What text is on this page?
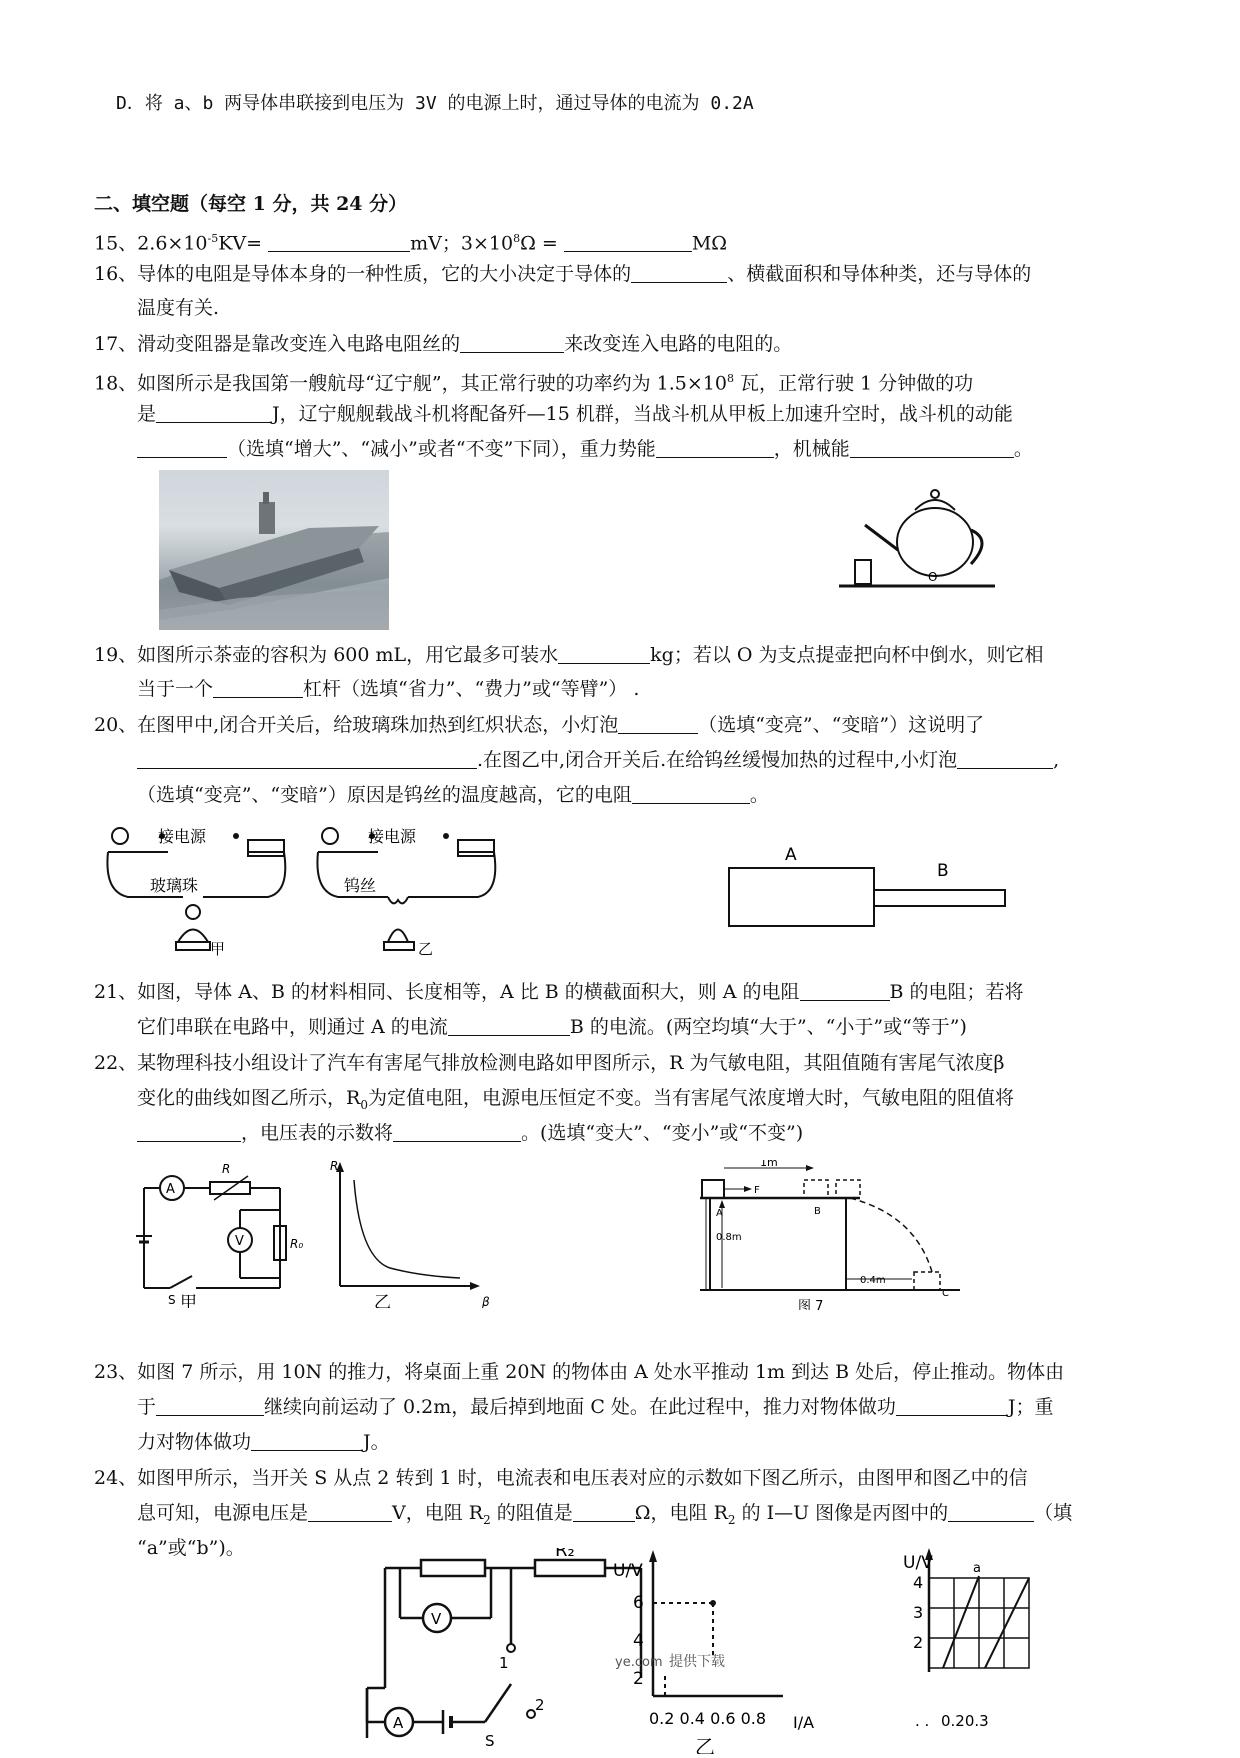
D．将 a、b 两导体串联接到电压为 3V 的电源上时，通过导体的电流为 0.2A
二、填空题（每空 1 分，共 24 分）
15、$2.6\times 10^{-5}KV=$	mV；$3\times 10^8\Omega$ =	MΩ
16、导体的电阻是导体本身的一种性质，它的大小决定于导体的	、横截面积和导体种类，还与导体的
温度有关.
17、滑动变阻器是靠改变连入电路电阻丝的	来改变连入电路的电阻的。
18、如图所示是我国第一艘航母“辽宁舰”，其正常行驶的功率约为 $1.5\times 10^8$ 瓦，正常行驶 1 分钟做的功
是	J，辽宁舰舰载战斗机将配备歼—15 机群，当战斗机从甲板上加速升空时，战斗机的动能
（选填“增大”、“减小”或者“不变”下同），重力势能	，机械能	。
O
19、如图所示茶壶的容积为 600 mL，用它最多可装水	kg；若以 O 为支点提壶把向杯中倒水，则它相
当于一个	杠杆（选填“省力”、“费力”或“等臂”） .
20、在图甲中,闭合开关后，给玻璃珠加热到红炽状态，小灯泡	（选填“变亮”、“变暗”）这说明了
.在图乙中,闭合开关后.在给钨丝缓慢加热的过程中,小灯泡	,
（选填“变亮”、“变暗”）原因是钨丝的温度越高，它的电阻	。
接电源
玻璃珠
甲
接电源
钨丝
乙
A
B
21、如图，导体 A、B 的材料相同、长度相等，A 比 B 的横截面积大，则 A 的电阻	B 的电阻；若将
它们串联在电路中，则通过 A 的电流	B 的电流。(两空均填“大于”、“小于”或“等于”)
22、某物理科技小组设计了汽车有害尾气排放检测电路如甲图所示，R 为气敏电阻，其阻值随有害尾气浓度β
变化的曲线如图乙所示，$R_0$为定值电阻，电源电压恒定不变。当有害尾气浓度增大时，气敏电阻的阻值将
，电压表的示数将	。(选填“变大”、“变小”或“不变”)
A
R
V	R₀
S 甲
R
β
乙
1m
F
A	B
0.8m
0.4m
C
图 7
23、如图 7 所示，用 10N 的推力，将桌面上重 20N 的物体由 A 处水平推动 1m 到达 B 处后，停止推动。物体由
于	继续向前运动了 0.2m，最后掉到地面 C 处。在此过程中，推力对物体做功	J；重
力对物体做功	J。
24、如图甲所示，当开关 S 从点 2 转到 1 时，电流表和电压表对应的示数如下图乙所示，由图甲和图乙中的信
息可知，电源电压是	V，电阻 $R_2$ 的阻值是	Ω，电阻 $R_2$ 的 I—U 图像是丙图中的	（填
“a”或“b”)。	R₂
V
1
U/V
6
4
2
ye.com 提供下载
0.2 0.4 0.6 0.8 I/A
乙
U/V
4
3
2
a
. . 0.20.3
A
2
S
